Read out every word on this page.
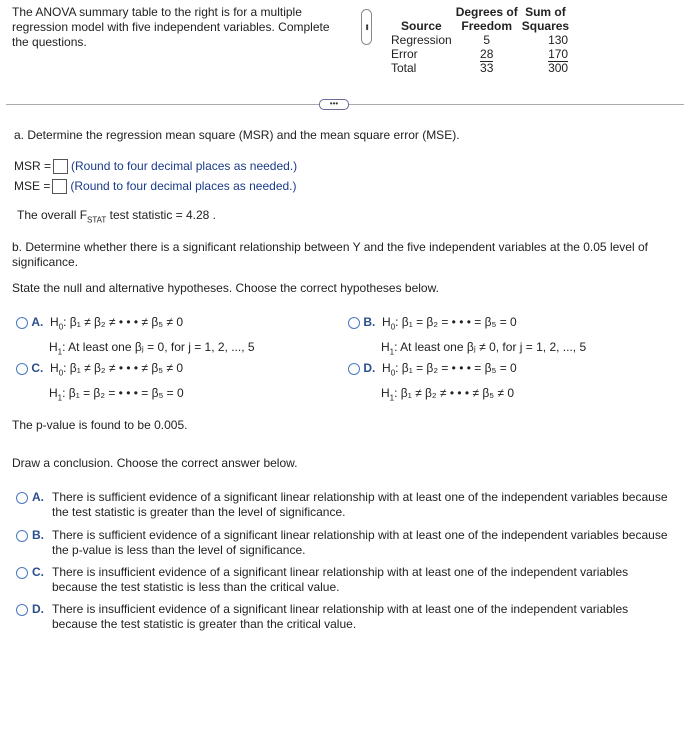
The ANOVA summary table to the right is for a multiple regression model with five independent variables. Complete the questions.
•••
	Degrees of	Sum of
Source	Freedom	Squares
Regression	5	130
Error	28	170
Total	33	300
•••
a. Determine the regression mean square (MSR) and the mean square error (MSE).
MSR = (Round to four decimal places as needed.)
MSE = (Round to four decimal places as needed.)
The overall $F_{STAT}$ test statistic = 4.28 .
b. Determine whether there is a significant relationship between Y and the five independent variables at the 0.05 level of significance.
State the null and alternative hypotheses. Choose the correct hypotheses below.
A.  $H_0$: β₁ ≠ β₂ ≠ • • • ≠ β₅ ≠ 0
$H_1$: At least one βⱼ = 0, for j = 1, 2, ..., 5
B.  $H_0$: β₁ = β₂ = • • • = β₅ = 0
$H_1$: At least one βⱼ ≠ 0, for j = 1, 2, ..., 5
C.  $H_0$: β₁ ≠ β₂ ≠ • • • ≠ β₅ ≠ 0
$H_1$: β₁ = β₂ = • • • = β₅ = 0
D.  $H_0$: β₁ = β₂ = • • • = β₅ = 0
$H_1$: β₁ ≠ β₂ ≠ • • • ≠ β₅ ≠ 0
The p-value is found to be 0.005.
Draw a conclusion. Choose the correct answer below.
A. There is sufficient evidence of a significant linear relationship with at least one of the independent variables because the test statistic is greater than the level of significance.
B. There is sufficient evidence of a significant linear relationship with at least one of the independent variables because the p-value is less than the level of significance.
C. There is insufficient evidence of a significant linear relationship with at least one of the independent variables because the test statistic is less than the critical value.
D. There is insufficient evidence of a significant linear relationship with at least one of the independent variables because the test statistic is greater than the critical value.
